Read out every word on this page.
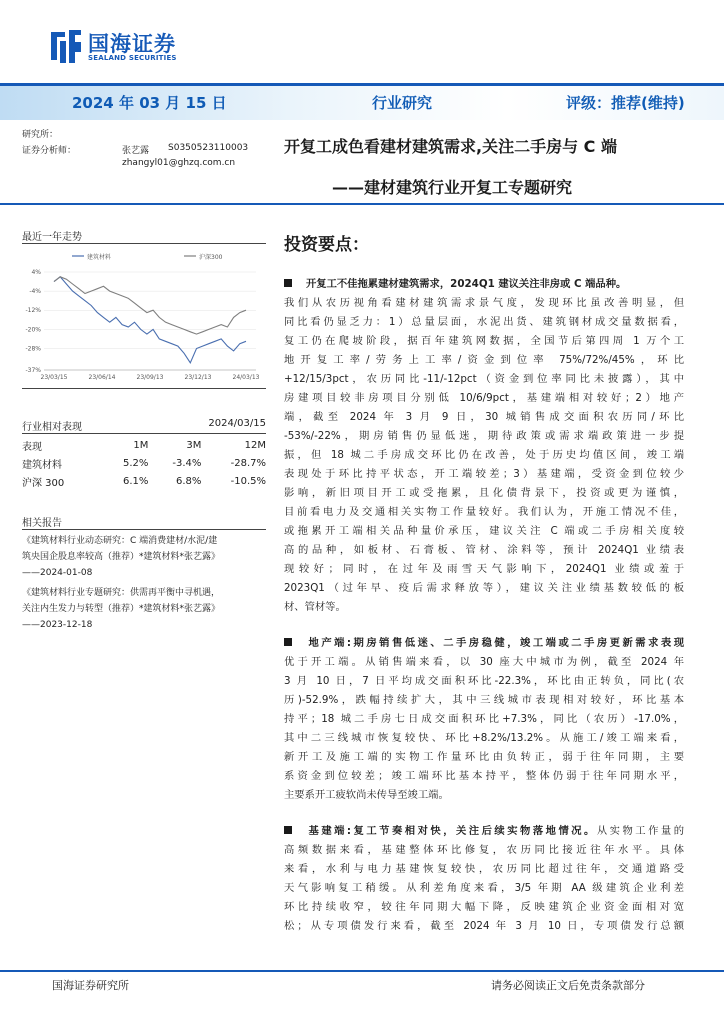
国海证券
SEALAND SECURITIES
2024 年 03 月 15 日	行业研究	评级：推荐(维持)
研究所：
证券分析师：	张艺露 S0350523110003
zhangyl01@ghzq.com.cn
开复工成色看建材建筑需求,关注二手房与 C 端
——建材建筑行业开复工专题研究
最近一年走势
建筑材料	沪深300
4%
-4%
-12%
-20%
-28%
-37%
23/03/15	23/06/14	23/09/13	23/12/13	24/03/13
行业相对表现	2024/03/15
表现	1M	3M	12M
建筑材料	5.2%	-3.4%	-28.7%
沪深 300	6.1%	6.8%	-10.5%
相关报告
《建筑材料行业动态研究：C 端消费建材/水泥/建
筑央国企股息率较高（推荐）*建筑材料*张艺露》
——2024-01-08
《建筑材料行业专题研究：供需再平衡中寻机遇，
关注内生发力与转型（推荐）*建筑材料*张艺露》
——2023-12-18
投资要点：
开复工不佳拖累建材建筑需求，2024Q1 建议关注非房或 C 端品种。
我们从农历视角看建材建筑需求景气度，发现环比虽改善明显，但
同比看仍显乏力：1）总量层面，水泥出货、建筑钢材成交量数据看，
复工仍在爬坡阶段，据百年建筑网数据，全国节后第四周 1 万个工
地开复工率/劳务上工率/资金到位率 75%/72%/45%，环比
+12/15/3pct，农历同比-11/-12pct（资金到位率同比未披露），其中
房建项目较非房项目分别低 10/6/9pct，基建端相对较好；2）地产
端，截至 2024 年 3 月 9 日，30 城销售成交面积农历同/环比
-53%/-22%，期房销售仍显低迷，期待政策或需求端政策进一步提
振，但 18 城二手房成交环比仍在改善，处于历史均值区间，竣工端
表现处于环比持平状态，开工端较差；3）基建端，受资金到位较少
影响，新旧项目开工或受拖累，且化债背景下，投资或更为谨慎，
目前看电力及交通相关实物工作量较好。我们认为，开施工情况不佳，
或拖累开工端相关品种量价承压，建议关注 C 端或二手房相关度较
高的品种，如板材、石膏板、管材、涂料等，预计 2024Q1 业绩表
现较好；同时，在过年及雨雪天气影响下，2024Q1 业绩或羞于
2023Q1（过年早、疫后需求释放等），建议关注业绩基数较低的板
材、管材等。
地产端:期房销售低迷、二手房稳健，竣工端或二手房更新需求表现
优于开工端。从销售端来看，以 30 座大中城市为例，截至 2024 年
3 月 10 日，7 日平均成交面积环比-22.3%，环比由正转负，同比(农
历)-52.9%，跌幅持续扩大，其中三线城市表现相对较好，环比基本
持平；18 城二手房七日成交面积环比+7.3%，同比（农历）-17.0%，
其中二三线城市恢复较快、环比+8.2%/13.2%。从施工/竣工端来看，
新开工及施工端的实物工作量环比由负转正，弱于往年同期，主要
系资金到位较差；竣工端环比基本持平，整体仍弱于往年同期水平，
主要系开工疲软尚未传导至竣工端。
基建端:复工节奏相对快，关注后续实物落地情况。从实物工作量的
高频数据来看，基建整体环比修复，农历同比接近往年水平。具体
来看，水利与电力基建恢复较快，农历同比超过往年，交通道路受
天气影响复工稍缓。从利差角度来看，3/5 年期 AA 级建筑企业利差
环比持续收窄，较往年同期大幅下降，反映建筑企业资金面相对宽
松；从专项债发行来看，截至 2024 年 3 月 10 日，专项债发行总额
国海证券研究所	请务必阅读正文后免责条款部分
